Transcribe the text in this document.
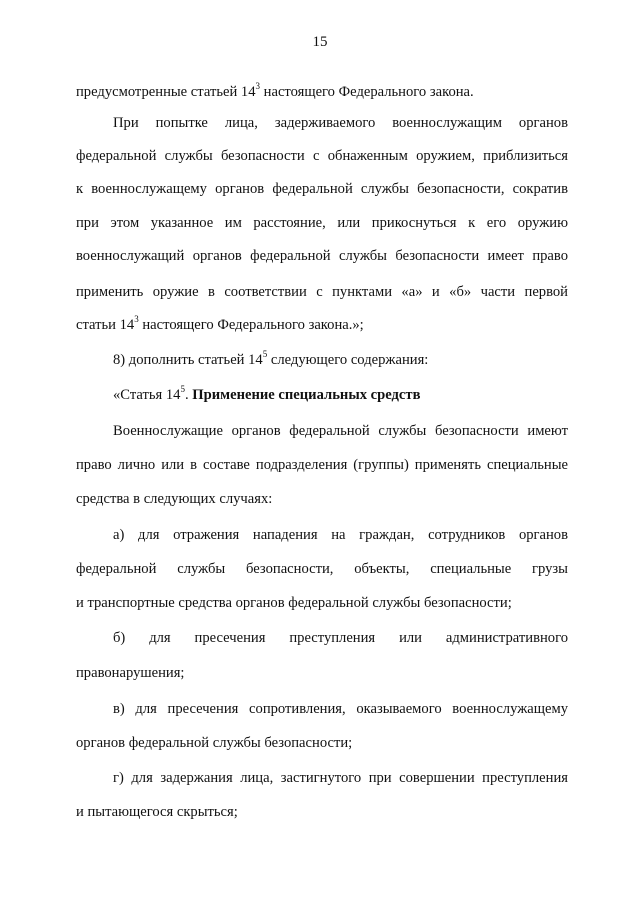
15
предусмотренные статьей $14^3$ настоящего Федерального закона.
При попытке лица, задерживаемого военнослужащим органов
федеральной службы безопасности с обнаженным оружием, приблизиться
к военнослужащему органов федеральной службы безопасности, сократив
при этом указанное им расстояние, или прикоснуться к его оружию
военнослужащий органов федеральной службы безопасности имеет право
применить оружие в соответствии с пунктами «а» и «б» части первой
статьи $14^3$ настоящего Федерального закона.»;
8) дополнить статьей $14^5$ следующего содержания:
«Статья $14^5$. Применение специальных средств
Военнослужащие органов федеральной службы безопасности имеют
право лично или в составе подразделения (группы) применять специальные
средства в следующих случаях:
а) для отражения нападения на граждан, сотрудников органов
федеральной службы безопасности, объекты, специальные грузы
и транспортные средства органов федеральной службы безопасности;
б) для пресечения преступления или административного
правонарушения;
в) для пресечения сопротивления, оказываемого военнослужащему
органов федеральной службы безопасности;
г) для задержания лица, застигнутого при совершении преступления
и пытающегося скрыться;
